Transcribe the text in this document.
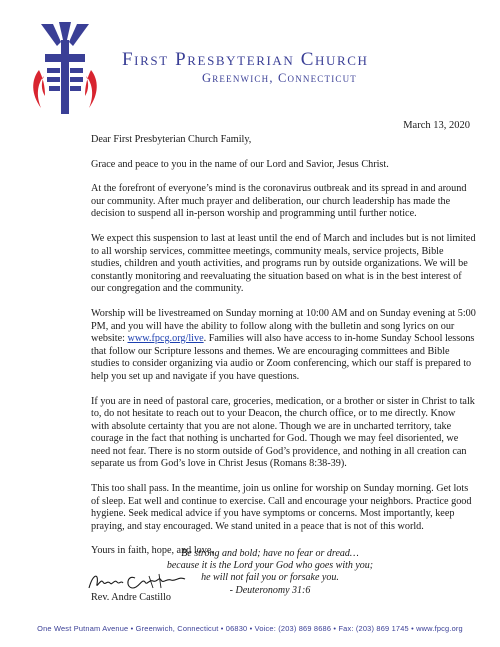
First Presbyterian Church
Greenwich, Connecticut
March 13, 2020

Dear First Presbyterian Church Family,

Grace and peace to you in the name of our Lord and Savior, Jesus Christ.

At the forefront of everyone’s mind is the coronavirus outbreak and its spread in and around our community. After much prayer and deliberation, our church leadership has made the decision to suspend all in-person worship and programming until further notice.

We expect this suspension to last at least until the end of March and includes but is not limited to all worship services, committee meetings, community meals, service projects, Bible studies, children and youth activities, and programs run by outside organizations. We will be constantly monitoring and reevaluating the situation based on what is in the best interest of our congregation and the community.

Worship will be livestreamed on Sunday morning at 10:00 AM and on Sunday evening at 5:00 PM, and you will have the ability to follow along with the bulletin and song lyrics on our website: www.fpcg.org/live. Families will also have access to in-home Sunday School lessons that follow our Scripture lessons and themes. We are encouraging committees and Bible studies to consider organizing via audio or Zoom conferencing, which our staff is prepared to help you set up and navigate if you have questions.

If you are in need of pastoral care, groceries, medication, or a brother or sister in Christ to talk to, do not hesitate to reach out to your Deacon, the church office, or to me directly. Know with absolute certainty that you are not alone. Though we are in uncharted territory, take courage in the fact that nothing is uncharted for God. Though we may feel disoriented, we need not fear. There is no storm outside of God’s providence, and nothing in all creation can separate us from God’s love in Christ Jesus (Romans 8:38-39).

This too shall pass. In the meantime, join us online for worship on Sunday morning. Get lots of sleep. Eat well and continue to exercise. Call and encourage your neighbors. Practice good hygiene. Seek medical advice if you have symptoms or concerns. Most importantly, keep praying, and stay encouraged. We stand united in a peace that is not of this world.

Yours in faith, hope, and love,

Rev. Andre Castillo

Be strong and bold; have no fear or dread…
because it is the Lord your God who goes with you;
he will not fail you or forsake you.
- Deuteronomy 31:6
One West Putnam Avenue • Greenwich, Connecticut • 06830 • Voice: (203) 869 8686 • Fax: (203) 869 1745 • www.fpcg.org
